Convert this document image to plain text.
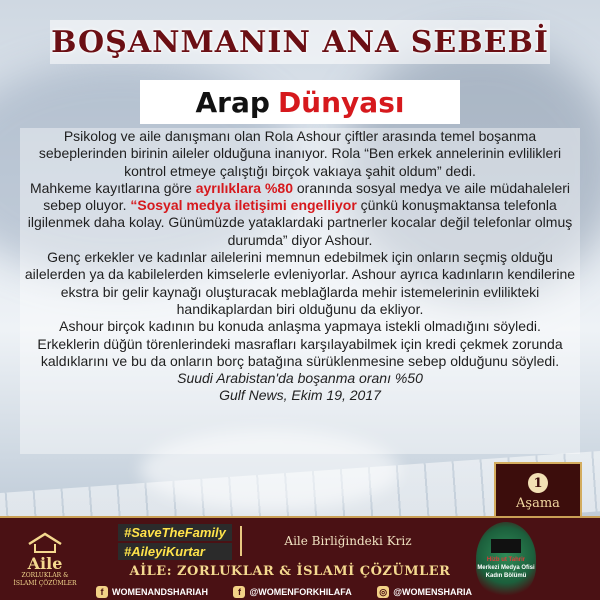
BOŞANMANIN ANA SEBEBİ
Arap Dünyası

Psikolog ve aile danışmanı olan Rola Ashour çiftler arasında temel boşanma sebeplerinden birinin aileler olduğuna inanıyor. Rola “Ben erkek annelerinin evlilikleri kontrol etmeye çalıştığı birçok vakıaya şahit oldum” dedi.

Mahkeme kayıtlarına göre ayrılıklara %80 oranında sosyal medya ve aile müdahaleleri sebep oluyor. “Sosyal medya iletişimi engelliyor çünkü konuşmaktansa telefonla ilgilenmek daha kolay. Günümüzde yataklardaki partnerler kocalar değil telefonlar olmuş durumda” diyor Ashour.

Genç erkekler ve kadınlar ailelerini memnun edebilmek için onların seçmiş olduğu ailelerden ya da kabilelerden kimselerle evleniyorlar. Ashour ayrıca kadınların kendilerine ekstra bir gelir kaynağı oluşturacak meblağlarda mehir istemelerinin evlilikteki handikaplardan biri olduğunu da ekliyor.

Ashour birçok kadının bu konuda anlaşma yapmaya istekli olmadığını söyledi.

Erkeklerin düğün törenlerindeki masrafları karşılayabilmek için kredi çekmek zorunda kaldıklarını ve bu da onların borç batağına sürüklenmesine sebep olduğunu söyledi.

Suudi Arabistan'da boşanma oranı %50

Gulf News, Ekim 19, 2017

1
Aşama
Aile
ZORLUKLAR &
İSLAMİ ÇÖZÜMLER
#SaveTheFamily
#AileyiKurtar
Aile Birliğindeki Kriz
AİLE: ZORLUKLAR & İSLAMİ ÇÖZÜMLER
f WOMENANDSHARIAH	f @WOMENFORKHILAFA	◎ @WOMENSHARIA
Hizb ut Tahrir
Merkezi Medya Ofisi
Kadın Bölümü
